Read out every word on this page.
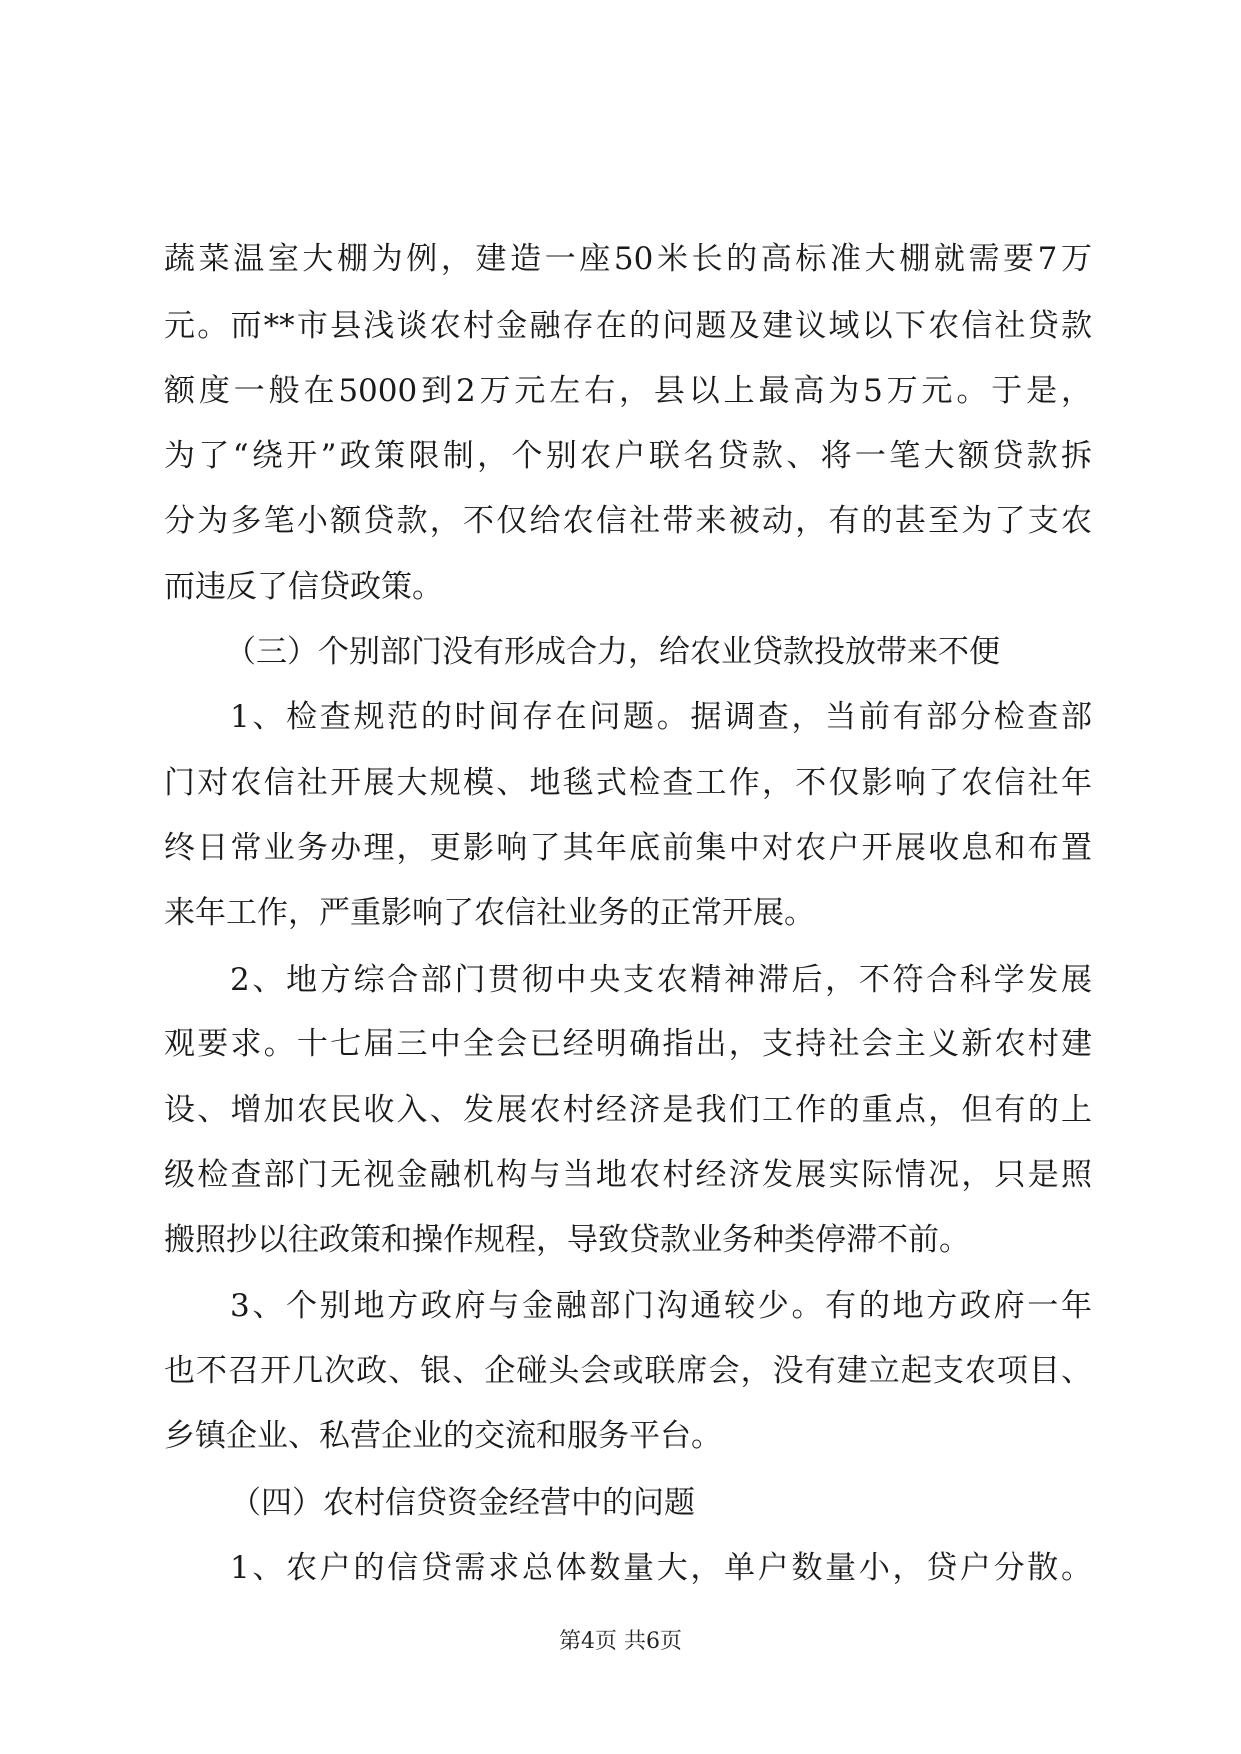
蔬菜温室大棚为例，建造一座50米长的高标准大棚就需要7万
元。而**市县浅谈农村金融存在的问题及建议域以下农信社贷款
额度一般在5000到2万元左右，县以上最高为5万元。于是，
为了“绕开”政策限制，个别农户联名贷款、将一笔大额贷款拆
分为多笔小额贷款，不仅给农信社带来被动，有的甚至为了支农
而违反了信贷政策。
（三）个别部门没有形成合力，给农业贷款投放带来不便
1、检查规范的时间存在问题。据调查，当前有部分检查部
门对农信社开展大规模、地毯式检查工作，不仅影响了农信社年
终日常业务办理，更影响了其年底前集中对农户开展收息和布置
来年工作，严重影响了农信社业务的正常开展。
2、地方综合部门贯彻中央支农精神滞后，不符合科学发展
观要求。十七届三中全会已经明确指出，支持社会主义新农村建
设、增加农民收入、发展农村经济是我们工作的重点，但有的上
级检查部门无视金融机构与当地农村经济发展实际情况，只是照
搬照抄以往政策和操作规程，导致贷款业务种类停滞不前。
3、个别地方政府与金融部门沟通较少。有的地方政府一年
也不召开几次政、银、企碰头会或联席会，没有建立起支农项目、
乡镇企业、私营企业的交流和服务平台。
（四）农村信贷资金经营中的问题
1、农户的信贷需求总体数量大，单户数量小，贷户分散。
第4页 共6页
